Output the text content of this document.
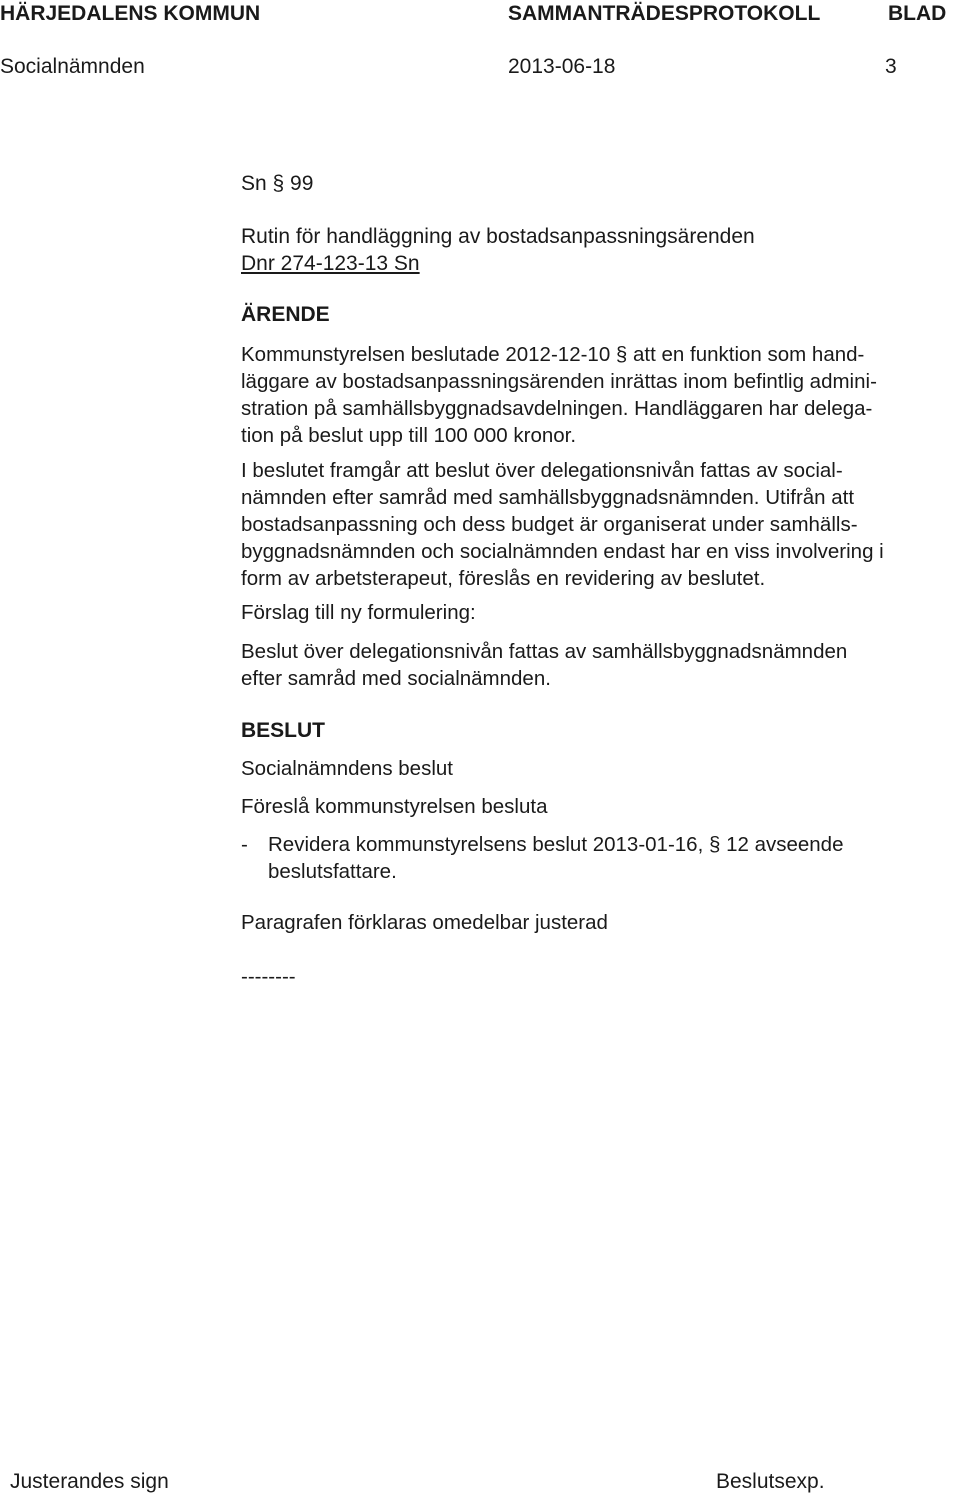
HÄRJEDALENS KOMMUN	SAMMANTRÄDESPROTOKOLL	BLAD
Socialnämnden	2013-06-18	3
Sn § 99
Rutin för handläggning av bostadsanpassningsärenden
Dnr 274-123-13 Sn
ÄRENDE
Kommunstyrelsen beslutade 2012-12-10 § att en funktion som hand-
läggare av bostadsanpassningsärenden inrättas inom befintlig admini-
stration på samhällsbyggnadsavdelningen. Handläggaren har delega-
tion på beslut upp till 100 000 kronor.
I beslutet framgår att beslut över delegationsnivån fattas av social-
nämnden efter samråd med samhällsbyggnadsnämnden. Utifrån att
bostadsanpassning och dess budget är organiserat under samhälls-
byggnadsnämnden och socialnämnden endast har en viss involvering i
form av arbetsterapeut, föreslås en revidering av beslutet.
Förslag till ny formulering:
Beslut över delegationsnivån fattas av samhällsbyggnadsnämnden
efter samråd med socialnämnden.
BESLUT
Socialnämndens beslut
Föreslå kommunstyrelsen besluta
- Revidera kommunstyrelsens beslut 2013-01-16, § 12 avseende
beslutsfattare.
Paragrafen förklaras omedelbar justerad
--------
Justerandes sign	Beslutsexp.
